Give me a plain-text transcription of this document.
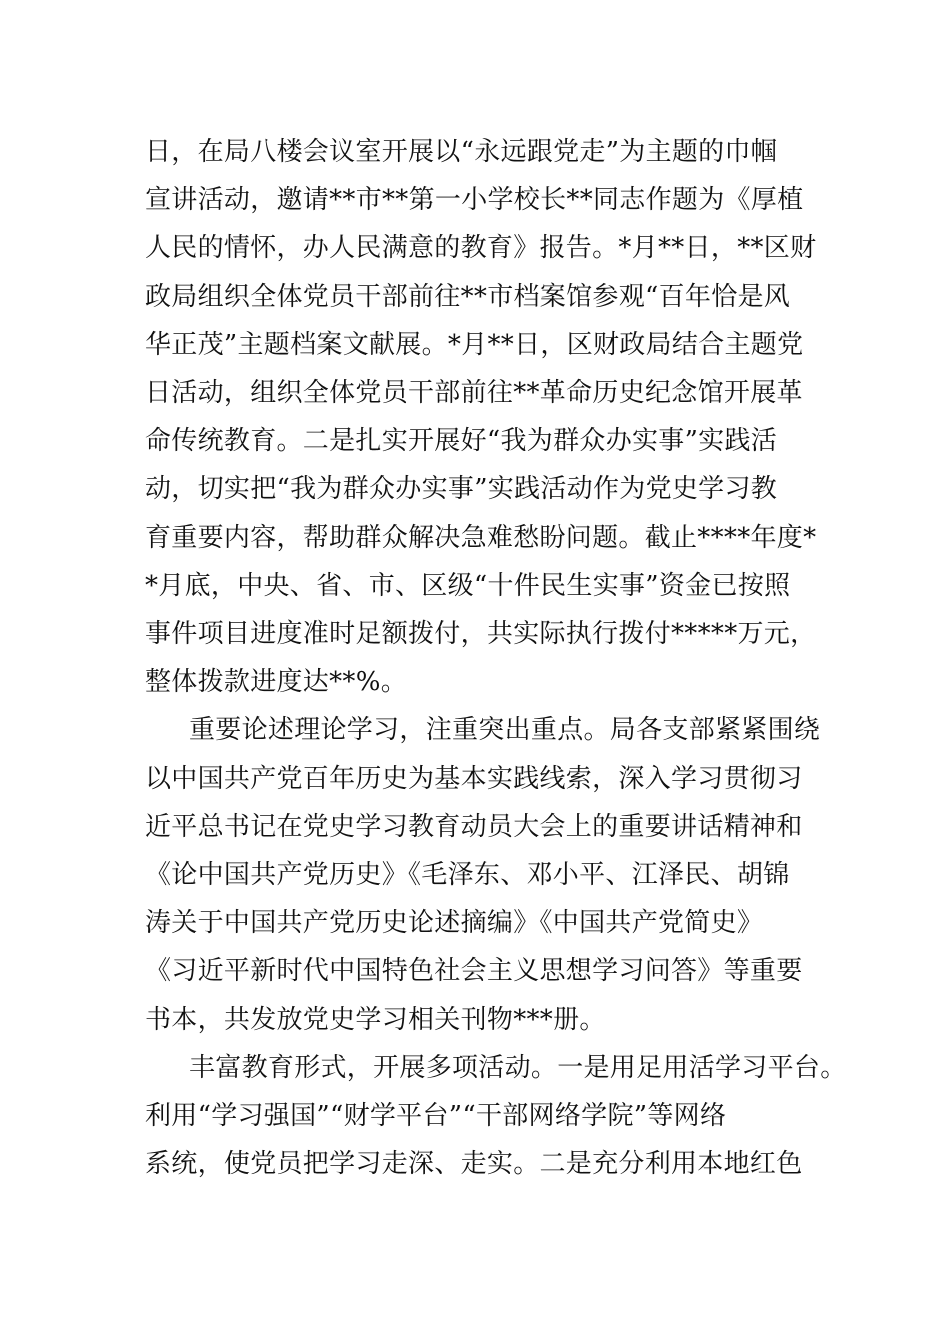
日，在局八楼会议室开展以“永远跟党走”为主题的巾帼
宣讲活动，邀请**市**第一小学校长**同志作题为《厚植
人民的情怀，办人民满意的教育》报告。*月**日，**区财
政局组织全体党员干部前往**市档案馆参观“百年恰是风
华正茂”主题档案文献展。*月**日，区财政局结合主题党
日活动，组织全体党员干部前往**革命历史纪念馆开展革
命传统教育。二是扎实开展好“我为群众办实事”实践活
动，切实把“我为群众办实事”实践活动作为党史学习教
育重要内容，帮助群众解决急难愁盼问题。截止****年度*
*月底，中央、省、市、区级“十件民生实事”资金已按照
事件项目进度准时足额拨付，共实际执行拨付*****万元，
整体拨款进度达**%。

重要论述理论学习，注重突出重点。局各支部紧紧围绕
以中国共产党百年历史为基本实践线索，深入学习贯彻习
近平总书记在党史学习教育动员大会上的重要讲话精神和
《论中国共产党历史》《毛泽东、邓小平、江泽民、胡锦
涛关于中国共产党历史论述摘编》《中国共产党简史》
《习近平新时代中国特色社会主义思想学习问答》等重要
书本，共发放党史学习相关刊物***册。

丰富教育形式，开展多项活动。一是用足用活学习平台。
利用“学习强国”“财学平台”“干部网络学院”等网络
系统，使党员把学习走深、走实。二是充分利用本地红色
